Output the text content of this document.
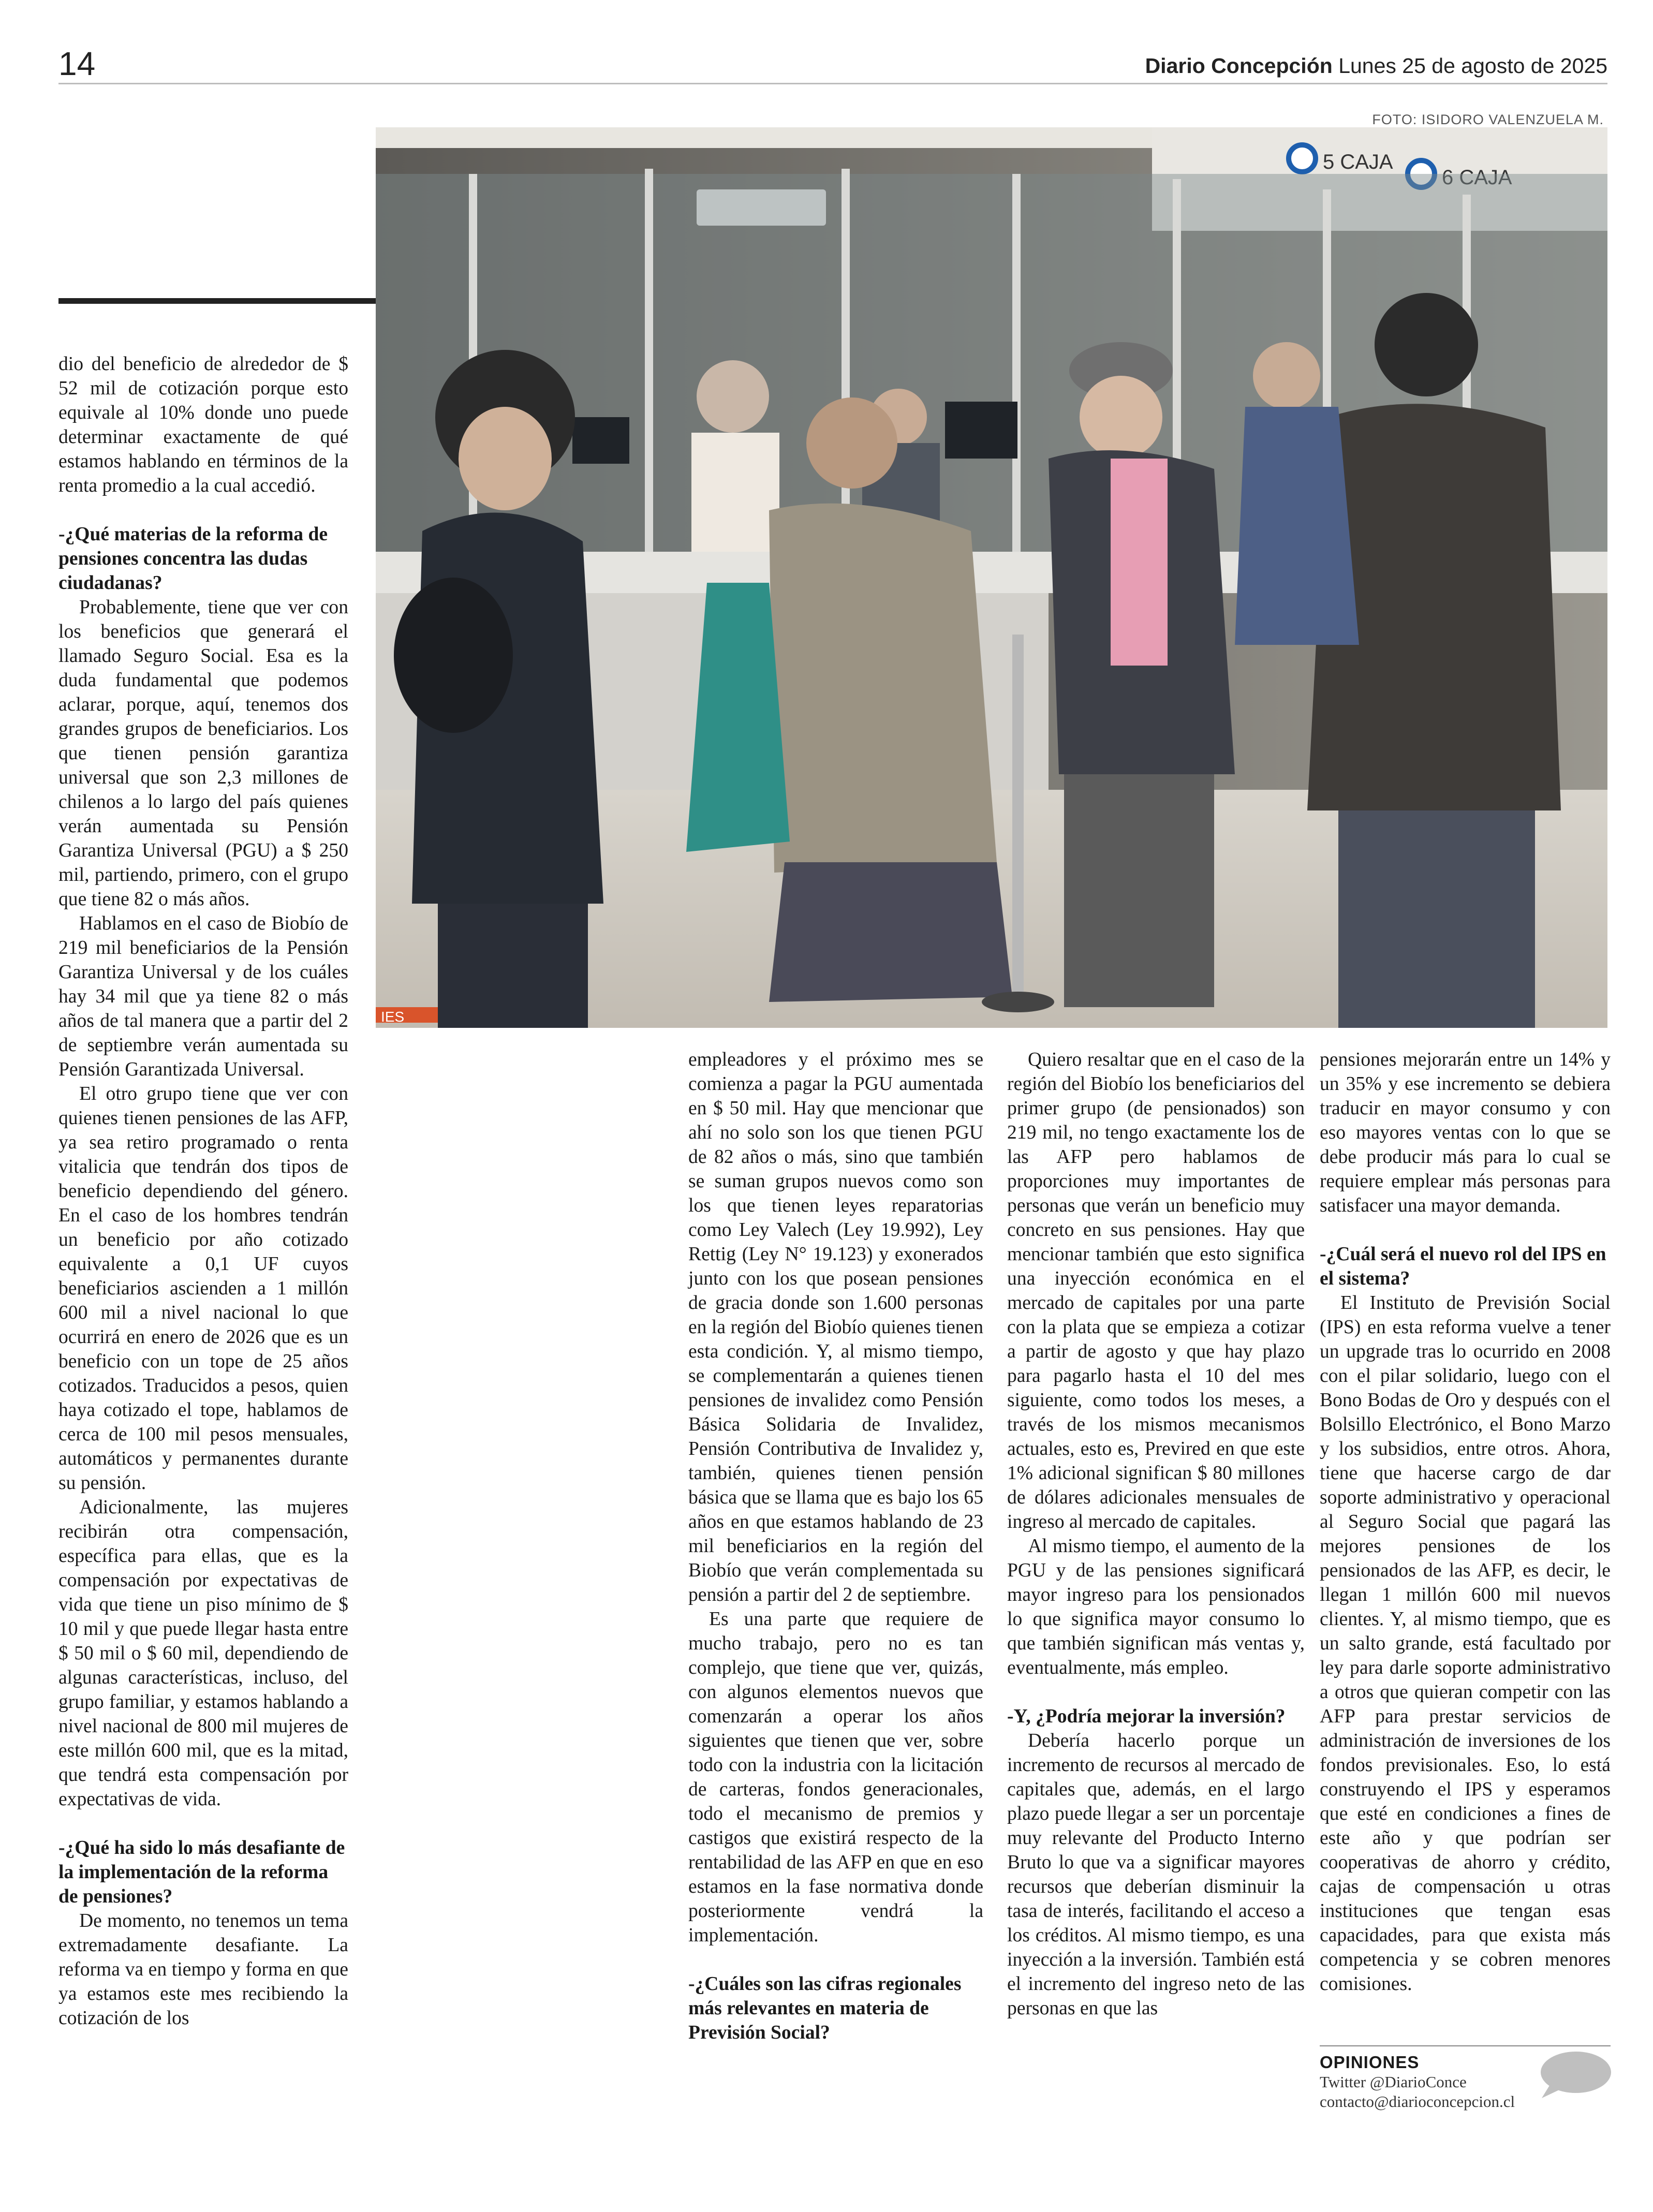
14	Diario Concepción Lunes 25 de agosto de 2025
FOTO: ISIDORO VALENZUELA M.
5 CAJA
6 CAJA
IES

dio del beneficio de alrededor de $ 52 mil de cotización porque esto equivale al 10% donde uno puede determinar exactamente de qué estamos hablando en términos de la renta promedio a la cual accedió.

-¿Qué materias de la reforma de pensiones concentra las dudas ciudadanas?

Probablemente, tiene que ver con los beneficios que generará el llamado Seguro Social. Esa es la duda fundamental que podemos aclarar, porque, aquí, tenemos dos grandes grupos de beneficiarios. Los que tienen pensión garantiza universal que son 2,3 millones de chilenos a lo largo del país quienes verán aumentada su Pensión Garantiza Universal (PGU) a $ 250 mil, partiendo, primero, con el grupo que tiene 82 o más años.

Hablamos en el caso de Biobío de 219 mil beneficiarios de la Pensión Garantiza Universal y de los cuáles hay 34 mil que ya tiene 82 o más años de tal manera que a partir del 2 de septiembre verán aumentada su Pensión Garantizada Universal.

El otro grupo tiene que ver con quienes tienen pensiones de las AFP, ya sea retiro programado o renta vitalicia que tendrán dos tipos de beneficio dependiendo del género. En el caso de los hombres tendrán un beneficio por año cotizado equivalente a 0,1 UF cuyos beneficiarios ascienden a 1 millón 600 mil a nivel nacional lo que ocurrirá en enero de 2026 que es un beneficio con un tope de 25 años cotizados. Traducidos a pesos, quien haya cotizado el tope, hablamos de cerca de 100 mil pesos mensuales, automáticos y permanentes durante su pensión.

Adicionalmente, las mujeres recibirán otra compensación, específica para ellas, que es la compensación por expectativas de vida que tiene un piso mínimo de $ 10 mil y que puede llegar hasta entre $ 50 mil o $ 60 mil, dependiendo de algunas características, incluso, del grupo familiar, y estamos hablando a nivel nacional de 800 mil mujeres de este millón 600 mil, que es la mitad, que tendrá esta compensación por expectativas de vida.

-¿Qué ha sido lo más desafiante de la implementación de la reforma de pensiones?

De momento, no tenemos un tema extremadamente desafiante. La reforma va en tiempo y forma en que ya estamos este mes recibiendo la cotización de los

empleadores y el próximo mes se comienza a pagar la PGU aumentada en $ 50 mil. Hay que mencionar que ahí no solo son los que tienen PGU de 82 años o más, sino que también se suman grupos nuevos como son los que tienen leyes reparatorias como Ley Valech (Ley 19.992), Ley Rettig (Ley N° 19.123) y exonerados junto con los que posean pensiones de gracia donde son 1.600 personas en la región del Biobío quienes tienen esta condición. Y, al mismo tiempo, se complementarán a quienes tienen pensiones de invalidez como Pensión Básica Solidaria de Invalidez, Pensión Contributiva de Invalidez y, también, quienes tienen pensión básica que se llama que es bajo los 65 años en que estamos hablando de 23 mil beneficiarios en la región del Biobío que verán complementada su pensión a partir del 2 de septiembre.

Es una parte que requiere de mucho trabajo, pero no es tan complejo, que tiene que ver, quizás, con algunos elementos nuevos que comenzarán a operar los años siguientes que tienen que ver, sobre todo con la industria con la licitación de carteras, fondos generacionales, todo el mecanismo de premios y castigos que existirá respecto de la rentabilidad de las AFP en que en eso estamos en la fase normativa donde posteriormente vendrá la implementación.

-¿Cuáles son las cifras regionales más relevantes en materia de Previsión Social?

Quiero resaltar que en el caso de la región del Biobío los beneficiarios del primer grupo (de pensionados) son 219 mil, no tengo exactamente los de las AFP pero hablamos de proporciones muy importantes de personas que verán un beneficio muy concreto en sus pensiones. Hay que mencionar también que esto significa una inyección económica en el mercado de capitales por una parte con la plata que se empieza a cotizar a partir de agosto y que hay plazo para pagarlo hasta el 10 del mes siguiente, como todos los meses, a través de los mismos mecanismos actuales, esto es, Previred en que este 1% adicional significan $ 80 millones de dólares adicionales mensuales de ingreso al mercado de capitales.

Al mismo tiempo, el aumento de la PGU y de las pensiones significará mayor ingreso para los pensionados lo que significa mayor consumo lo que también significan más ventas y, eventualmente, más empleo.

-Y, ¿Podría mejorar la inversión?

Debería hacerlo porque un incremento de recursos al mercado de capitales que, además, en el largo plazo puede llegar a ser un porcentaje muy relevante del Producto Interno Bruto lo que va a significar mayores recursos que deberían disminuir la tasa de interés, facilitando el acceso a los créditos. Al mismo tiempo, es una inyección a la inversión. También está el incremento del ingreso neto de las personas en que las

pensiones mejorarán entre un 14% y un 35% y ese incremento se debiera traducir en mayor consumo y con eso mayores ventas con lo que se debe producir más para lo cual se requiere emplear más personas para satisfacer una mayor demanda.

-¿Cuál será el nuevo rol del IPS en el sistema?

El Instituto de Previsión Social (IPS) en esta reforma vuelve a tener un upgrade tras lo ocurrido en 2008 con el pilar solidario, luego con el Bono Bodas de Oro y después con el Bolsillo Electrónico, el Bono Marzo y los subsidios, entre otros. Ahora, tiene que hacerse cargo de dar soporte administrativo y operacional al Seguro Social que pagará las mejores pensiones de los pensionados de las AFP, es decir, le llegan 1 millón 600 mil nuevos clientes. Y, al mismo tiempo, que es un salto grande, está facultado por ley para darle soporte administrativo a otros que quieran competir con las AFP para prestar servicios de administración de inversiones de los fondos previsionales. Eso, lo está construyendo el IPS y esperamos que esté en condiciones a fines de este año y que podrían ser cooperativas de ahorro y crédito, cajas de compensación u otras instituciones que tengan esas capacidades, para que exista más competencia y se cobren menores comisiones.

OPINIONES
Twitter @DiarioConce
contacto@diarioconcepcion.cl
